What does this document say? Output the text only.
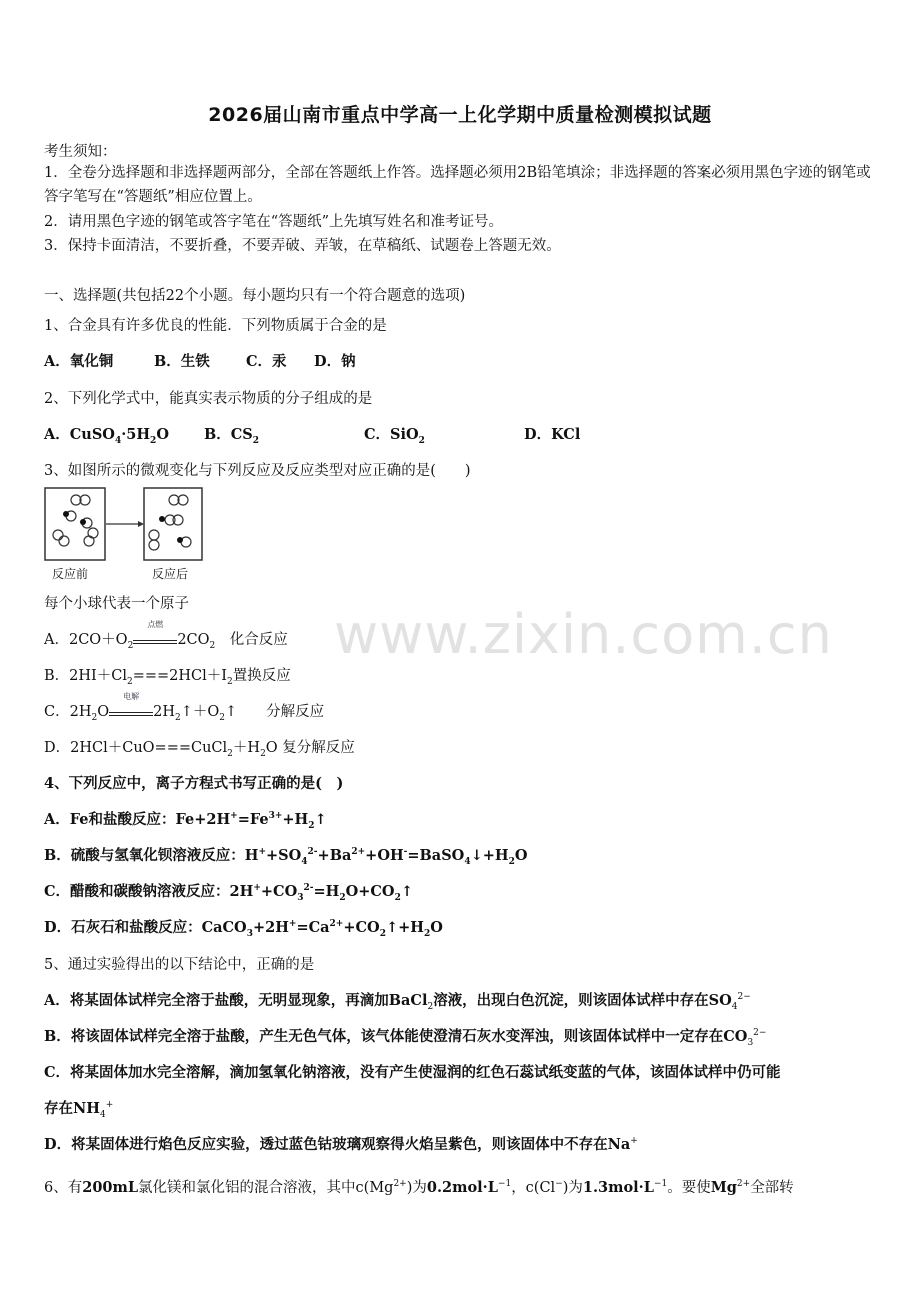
2026届山南市重点中学高一上化学期中质量检测模拟试题
考生须知：
1．全卷分选择题和非选择题两部分，全部在答题纸上作答。选择题必须用2B铅笔填涂；非选择题的答案必须用黑色字迹的钢笔或答字笔写在“答题纸”相应位置上。
2．请用黑色字迹的钢笔或答字笔在“答题纸”上先填写姓名和准考证号。
3．保持卡面清洁，不要折叠，不要弄破、弄皱，在草稿纸、试题卷上答题无效。
一、选择题(共包括22个小题。每小题均只有一个符合题意的选项)
1、合金具有许多优良的性能．下列物质属于合金的是
A．氧化铜	B．生铁 C．汞 D．钠
2、下列化学式中，能真实表示物质的分子组成的是
A．$CuSO_4\cdot 5H_2O$ B．$CS_2$	C．SiO$_2$	D．KCl
3、如图所示的微观变化与下列反应及反应类型对应正确的是(　　)
反应前	反应后
每个小球代表一个原子
A．$2CO+O_2$
点燃
$2CO_2$　 化合反应
B．$2HI+Cl_2===2HCl+I_2$置换反应
C．$2H_2O$
电解
$2H_2↑+O_2↑$　　 分解反应
D．$2HCl+CuO===CuCl_2+H_2O$ 复分解反应
4、下列反应中，离子方程式书写正确的是(　)
A．Fe和盐酸反应：$Fe+2H^+=Fe^{3+}+H_2↑$
B．硫酸与氢氧化钡溶液反应：$H^++SO_4^{2-}+Ba^{2+}+OH^-=BaSO_4↓+H_2O$
C．醋酸和碳酸钠溶液反应：$2H^++CO_3^{2-}=H_2O+CO_2↑$
D．石灰石和盐酸反应：$CaCO_3+2H^+=Ca^{2+}+CO_2↑+H_2O$
5、通过实验得出的以下结论中，正确的是
A．将某固体试样完全溶于盐酸，无明显现象，再滴加BaCl$_2$溶液，出现白色沉淀，则该固体试样中存在$SO_4^{2-}$
B．将该固体试样完全溶于盐酸，产生无色气体，该气体能使澄清石灰水变浑浊，则该固体试样中一定存在$CO_3^{2-}$
C．将某固体加水完全溶解，滴加氢氧化钠溶液，没有产生使湿润的红色石蕊试纸变蓝的气体，该固体试样中仍可能
存在$NH_4^+$
D．将某固体进行焰色反应实验，透过蓝色钴玻璃观察得火焰呈紫色，则该固体中不存在Na+
6、有200mL氯化镁和氯化铝的混合溶液，其中$c(Mg^{2+})$为$0.2mol\cdot L^{-1}$，c(Cl−)为$1.3mol\cdot L^{-1}$。要使$Mg^{2+}$全部转
www.zixin.com.cn
